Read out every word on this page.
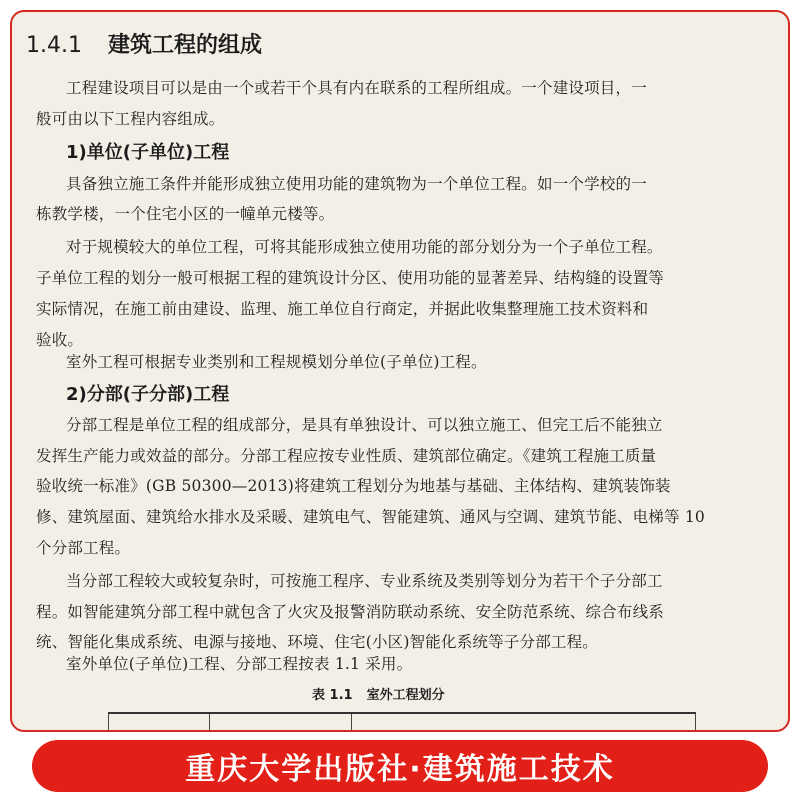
1.4.1 建筑工程的组成
工程建设项目可以是由一个或若干个具有内在联系的工程所组成。一个建设项目，一
般可由以下工程内容组成。
1)单位(子单位)工程
具备独立施工条件并能形成独立使用功能的建筑物为一个单位工程。如一个学校的一
栋教学楼，一个住宅小区的一幢单元楼等。
对于规模较大的单位工程，可将其能形成独立使用功能的部分划分为一个子单位工程。
子单位工程的划分一般可根据工程的建筑设计分区、使用功能的显著差异、结构缝的设置等
实际情况，在施工前由建设、监理、施工单位自行商定，并据此收集整理施工技术资料和
验收。
室外工程可根据专业类别和工程规模划分单位(子单位)工程。
2)分部(子分部)工程
分部工程是单位工程的组成部分，是具有单独设计、可以独立施工、但完工后不能独立
发挥生产能力或效益的部分。分部工程应按专业性质、建筑部位确定。《建筑工程施工质量
验收统一标准》(GB 50300—2013)将建筑工程划分为地基与基础、主体结构、建筑装饰装
修、建筑屋面、建筑给水排水及采暖、建筑电气、智能建筑、通风与空调、建筑节能、电梯等 10
个分部工程。
当分部工程较大或较复杂时，可按施工程序、专业系统及类别等划分为若干个子分部工
程。如智能建筑分部工程中就包含了火灾及报警消防联动系统、安全防范系统、综合布线系
统、智能化集成系统、电源与接地、环境、住宅(小区)智能化系统等子分部工程。
室外单位(子单位)工程、分部工程按表 1.1 采用。
表 1.1 室外工程划分
重庆大学出版社·建筑施工技术
